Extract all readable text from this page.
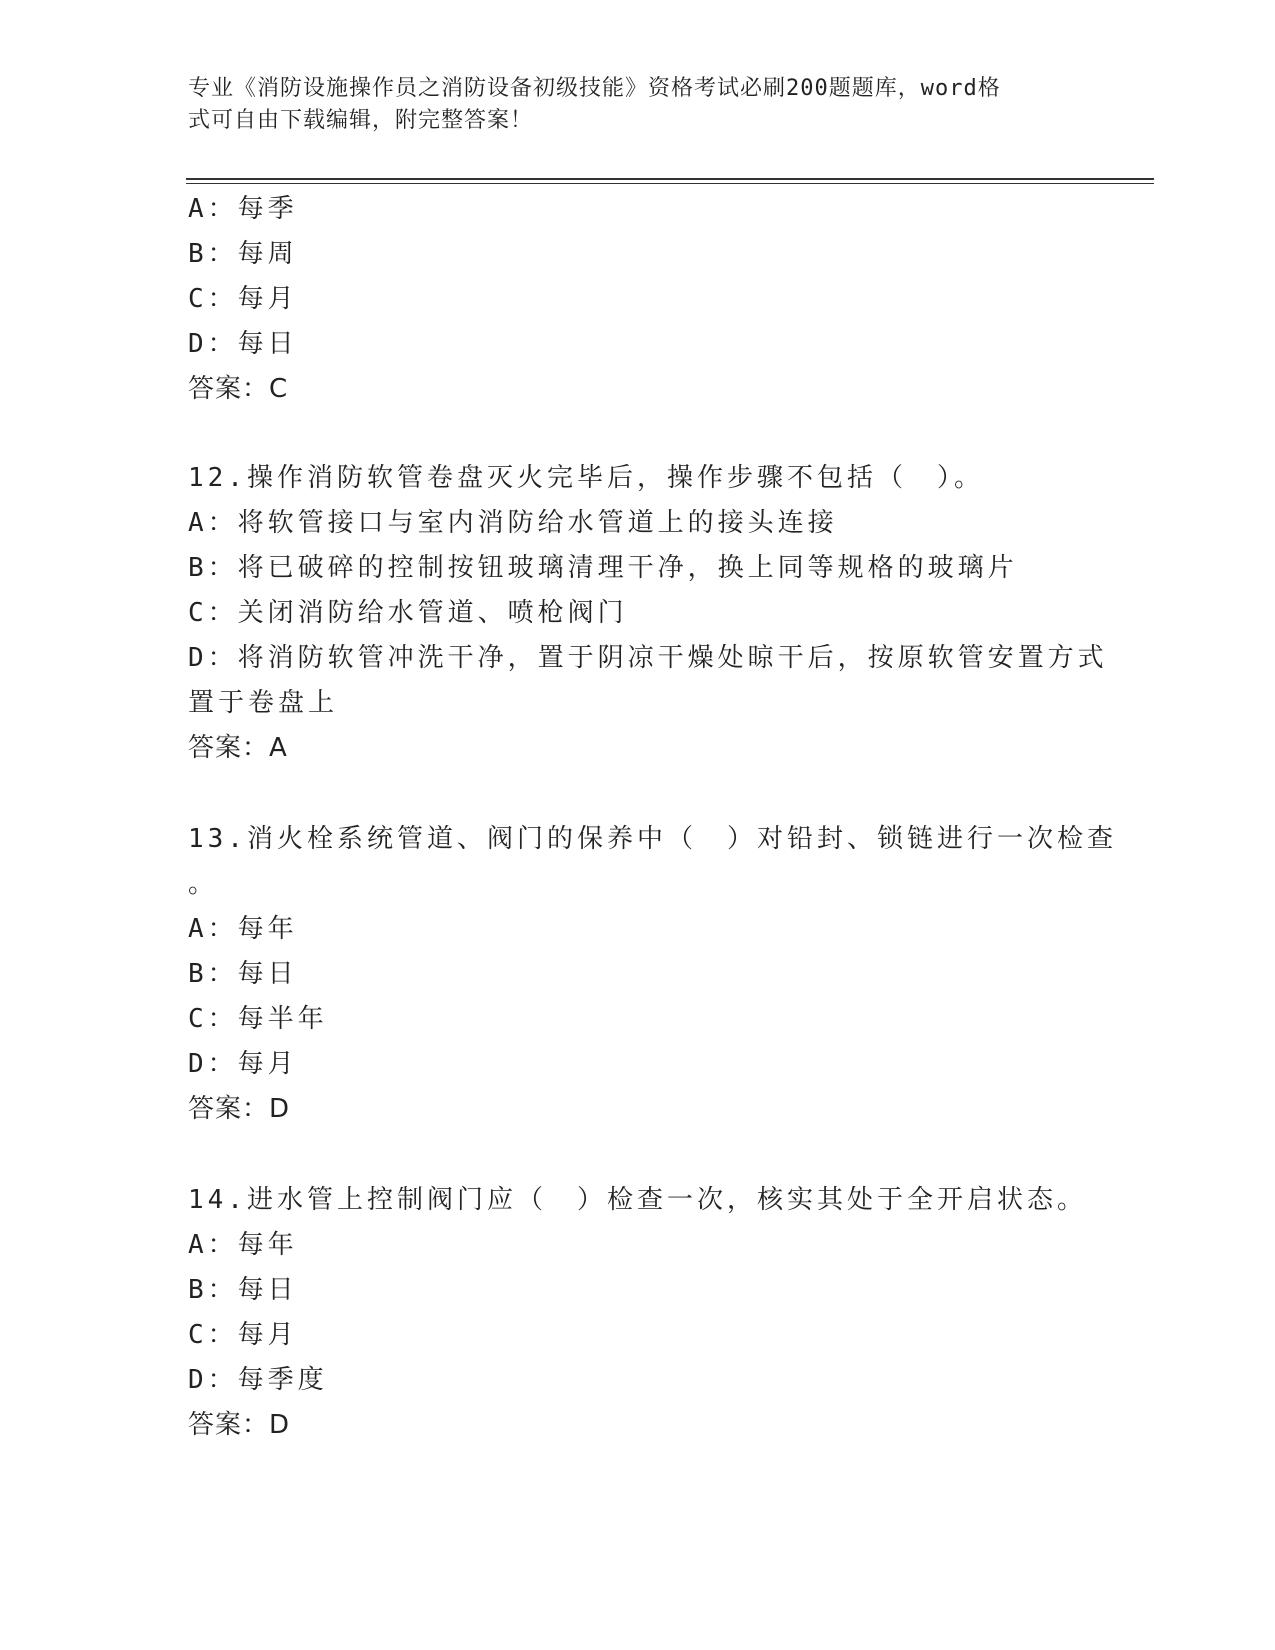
专业《消防设施操作员之消防设备初级技能》资格考试必刷200题题库，word格
式可自由下载编辑，附完整答案！
A：每季
B：每周
C：每月
D：每日
答案：C
12.操作消防软管卷盘灭火完毕后，操作步骤不包括（　）。
A：将软管接口与室内消防给水管道上的接头连接
B：将已破碎的控制按钮玻璃清理干净，换上同等规格的玻璃片
C：关闭消防给水管道、喷枪阀门
D：将消防软管冲洗干净，置于阴凉干燥处晾干后，按原软管安置方式
置于卷盘上
答案：A
13.消火栓系统管道、阀门的保养中（　）对铅封、锁链进行一次检查
。
A：每年
B：每日
C：每半年
D：每月
答案：D
14.进水管上控制阀门应（　）检查一次，核实其处于全开启状态。
A：每年
B：每日
C：每月
D：每季度
答案：D
